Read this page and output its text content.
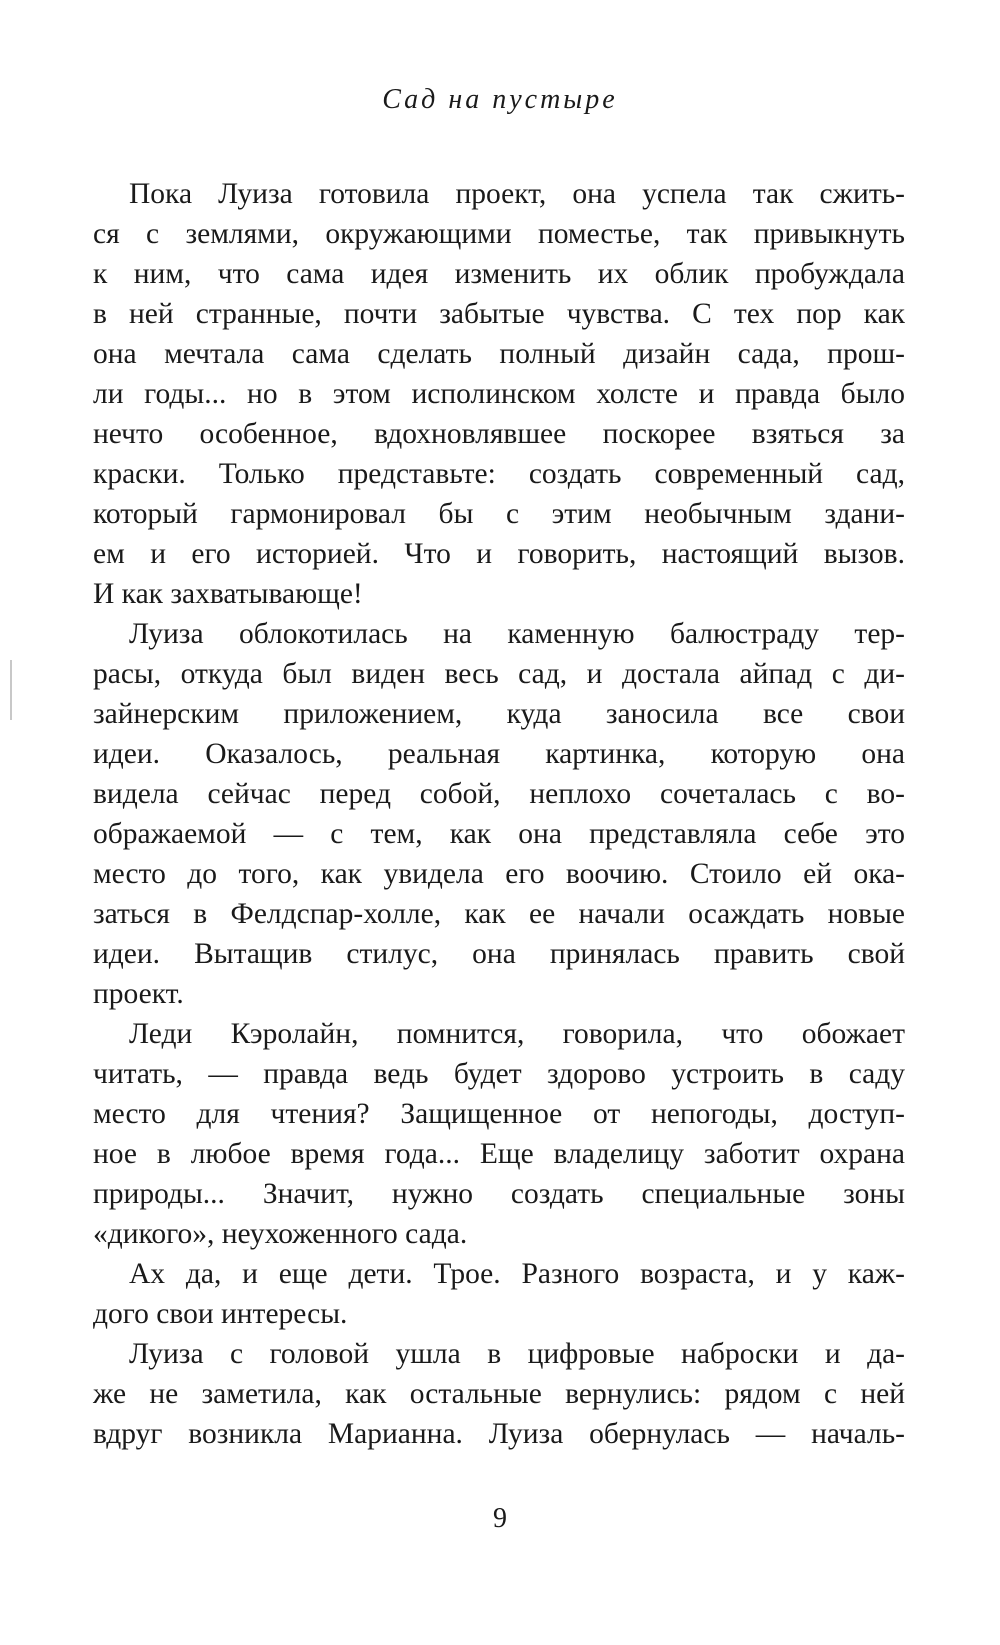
Сад на пустыре

Пока Луиза готовила проект, она успела так сжить-
ся с землями, окружающими поместье, так привыкнуть
к ним, что сама идея изменить их облик пробуждала
в ней странные, почти забытые чувства. С тех пор как
она мечтала сама сделать полный дизайн сада, прош-
ли годы... но в этом исполинском холсте и правда было
нечто особенное, вдохновлявшее поскорее взяться за
краски. Только представьте: создать современный сад,
который гармонировал бы с этим необычным здани-
ем и его историей. Что и говорить, настоящий вызов.
И как захватывающе!

Луиза облокотилась на каменную балюстраду тер-
расы, откуда был виден весь сад, и достала айпад с ди-
зайнерским приложением, куда заносила все свои
идеи. Оказалось, реальная картинка, которую она
видела сейчас перед собой, неплохо сочеталась с во-
ображаемой — с тем, как она представляла себе это
место до того, как увидела его воочию. Стоило ей ока-
заться в Фелдспар-холле, как ее начали осаждать новые
идеи. Вытащив стилус, она принялась править свой
проект.

Леди Кэролайн, помнится, говорила, что обожает
читать, — правда ведь будет здорово устроить в саду
место для чтения? Защищенное от непогоды, доступ-
ное в любое время года... Еще владелицу заботит охрана
природы... Значит, нужно создать специальные зоны
«дикого», неухоженного сада.

Ах да, и еще дети. Трое. Разного возраста, и у каж-
дого свои интересы.

Луиза с головой ушла в цифровые наброски и да-
же не заметила, как остальные вернулись: рядом с ней
вдруг возникла Марианна. Луиза обернулась — началь-

9
